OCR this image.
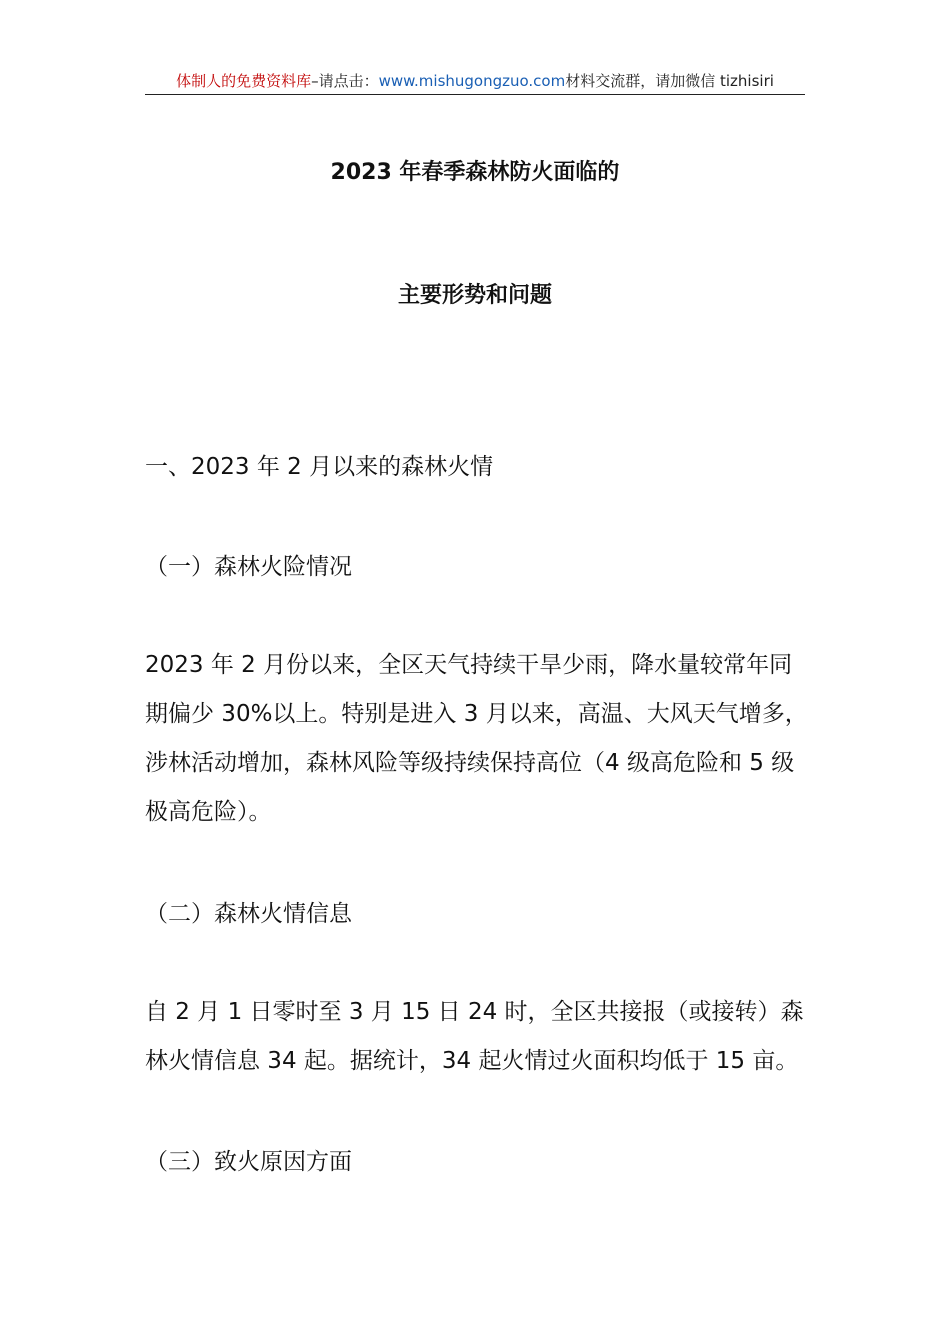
体制人的免费资料库–请点击：www.mishugongzuo.com材料交流群，请加微信 tizhisiri
2023 年春季森林防火面临的
主要形势和问题

一、2023 年 2 月以来的森林火情

（一）森林火险情况

2023 年 2 月份以来，全区天气持续干旱少雨，降水量较常年同期偏少 30%以上。特别是进入 3 月以来，高温、大风天气增多，涉林活动增加，森林风险等级持续保持高位（4 级高危险和 5 级极高危险）。

（二）森林火情信息

自 2 月 1 日零时至 3 月 15 日 24 时，全区共接报（或接转）森林火情信息 34 起。据统计，34 起火情过火面积均低于 15 亩。

（三）致火原因方面
